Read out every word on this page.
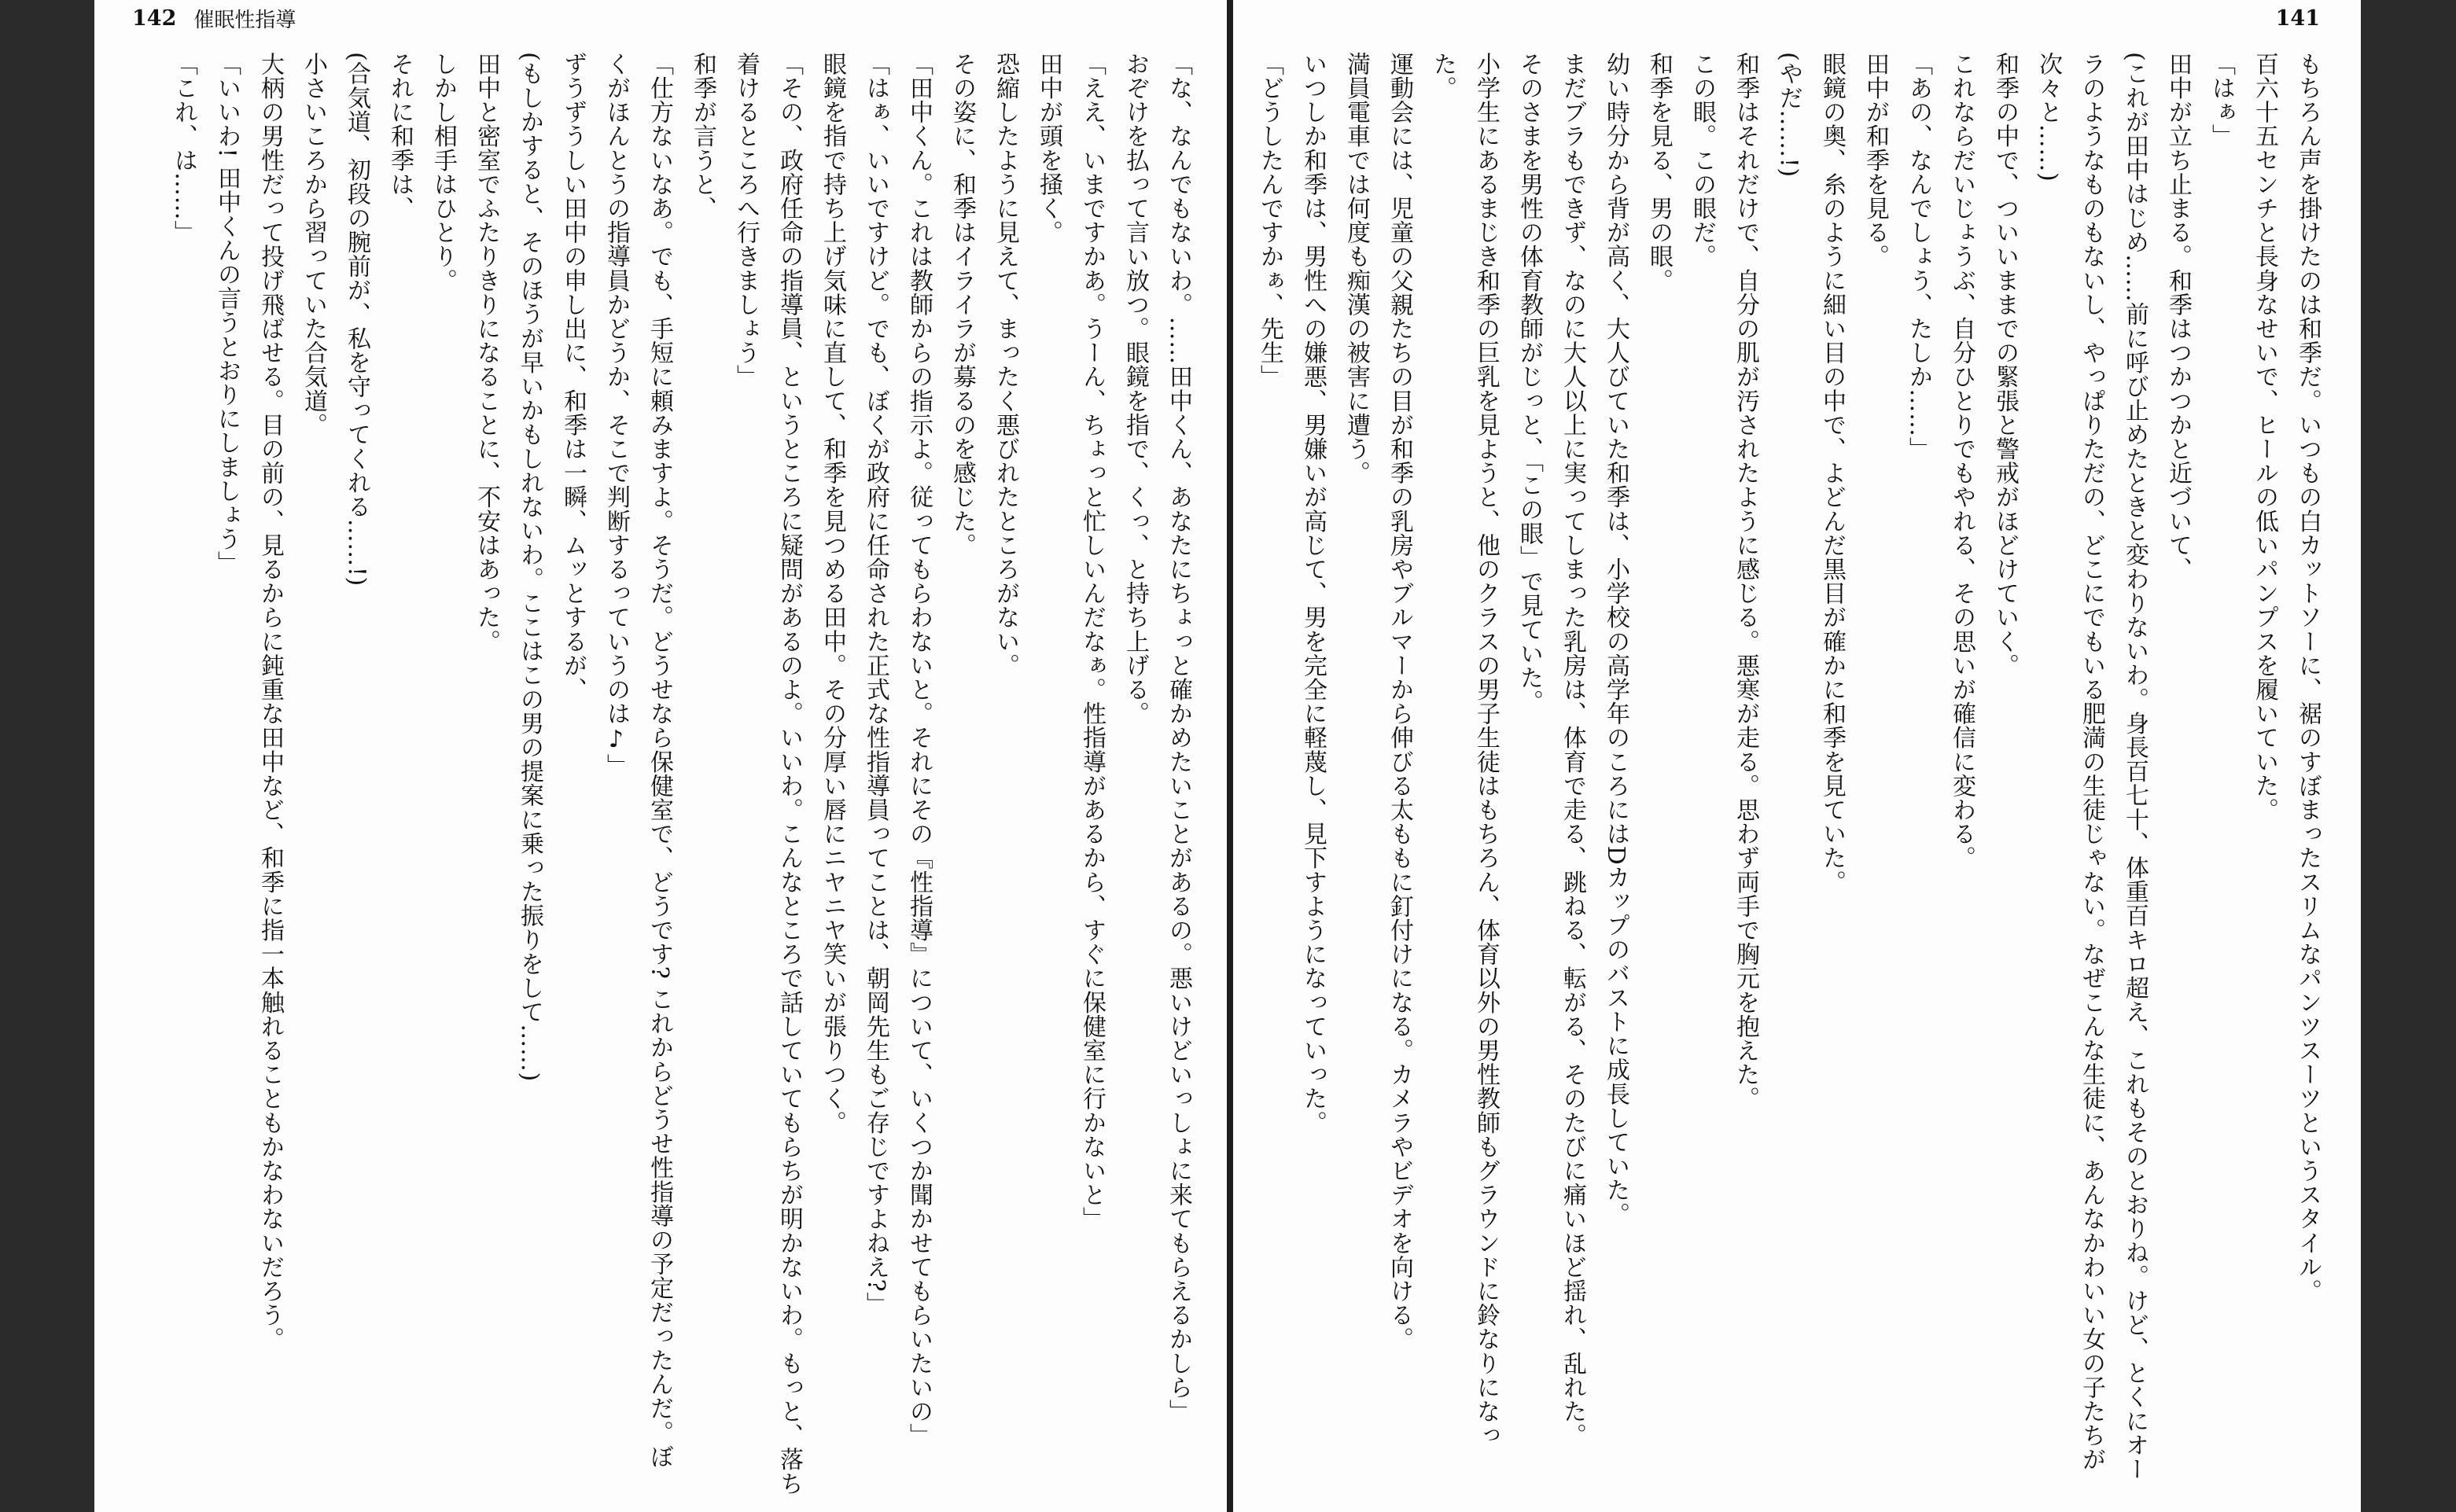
142 催眠性指導
「な、なんでもないわ。……田中くん、あなたにちょっと確かめたいことがあるの。悪いけどいっしょに来てもらえるかしら」
おぞけを払って言い放つ。眼鏡を指で、くっ、と持ち上げる。
「ええ、いまですかあ。うーん、ちょっと忙しいんだなぁ。性指導があるから、すぐに保健室に行かないと」
田中が頭を掻く。
恐縮したように見えて、まったく悪びれたところがない。
その姿に、和季はイライラが募るのを感じた。
「田中くん。これは教師からの指示よ。従ってもらわないと。それにその『性指導』について、いくつか聞かせてもらいたいの」
「はぁ、いいですけど。でも、ぼくが政府に任命された正式な性指導員ってことは、朝岡先生もご存じですよねえ?」
眼鏡を指で持ち上げ気味に直して、和季を見つめる田中。その分厚い唇にニヤニヤ笑いが張りつく。
「その、政府任命の指導員、というところに疑問があるのよ。いいわ。こんなところで話していてもらちが明かないわ。もっと、落ち
着けるところへ行きましょう」
和季が言うと、
「仕方ないなあ。でも、手短に頼みますよ。そうだ。どうせなら保健室で、どうです? これからどうせ性指導の予定だったんだ。ぼ
くがほんとうの指導員かどうか、そこで判断するっていうのは♪」
ずうずうしい田中の申し出に、和季は一瞬、ムッとするが、
(もしかすると、そのほうが早いかもしれないわ。ここはこの男の提案に乗った振りをして……)
田中と密室でふたりきりになることに、不安はあった。
しかし相手はひとり。
それに和季は、
(合気道、初段の腕前が、私を守ってくれる……!)
小さいころから習っていた合気道。
大柄の男性だって投げ飛ばせる。目の前の、見るからに鈍重な田中など、和季に指一本触れることもかなわないだろう。
「いいわ! 田中くんの言うとおりにしましょう」
「これ、は……」
141
もちろん声を掛けたのは和季だ。いつもの白カットソーに、裾のすぼまったスリムなパンツスーツというスタイル。
百六十五センチと長身なせいで、ヒールの低いパンプスを履いていた。
「はぁ」
田中が立ち止まる。和季はつかつかと近づいて、
(これが田中はじめ……前に呼び止めたときと変わりないわ。身長百七十、体重百キロ超え、これもそのとおりね。けど、とくにオー
ラのようなものもないし、やっぱりただの、どこにでもいる肥満の生徒じゃない。なぜこんな生徒に、あんなかわいい女の子たちが
次々と……)
和季の中で、ついいままでの緊張と警戒がほどけていく。
これならだいじょうぶ、自分ひとりでもやれる、その思いが確信に変わる。
「あの、なんでしょう、たしか……」
田中が和季を見る。
眼鏡の奥、糸のように細い目の中で、よどんだ黒目が確かに和季を見ていた。
(やだ……!)
和季はそれだけで、自分の肌が汚されたように感じる。悪寒が走る。思わず両手で胸元を抱えた。
この眼。この眼だ。
和季を見る、男の眼。
幼い時分から背が高く、大人びていた和季は、小学校の高学年のころにはDカップのバストに成長していた。
まだブラもできず、なのに大人以上に実ってしまった乳房は、体育で走る、跳ねる、転がる、そのたびに痛いほど揺れ、乱れた。
そのさまを男性の体育教師がじっと、「この眼」で見ていた。
小学生にあるまじき和季の巨乳を見ようと、他のクラスの男子生徒はもちろん、体育以外の男性教師もグラウンドに鈴なりになっ
た。
運動会には、児童の父親たちの目が和季の乳房やブルマーから伸びる太ももに釘付けになる。カメラやビデオを向ける。
満員電車では何度も痴漢の被害に遭う。
いつしか和季は、男性への嫌悪、男嫌いが高じて、男を完全に軽蔑し、見下すようになっていった。
「どうしたんですかぁ、先生」
